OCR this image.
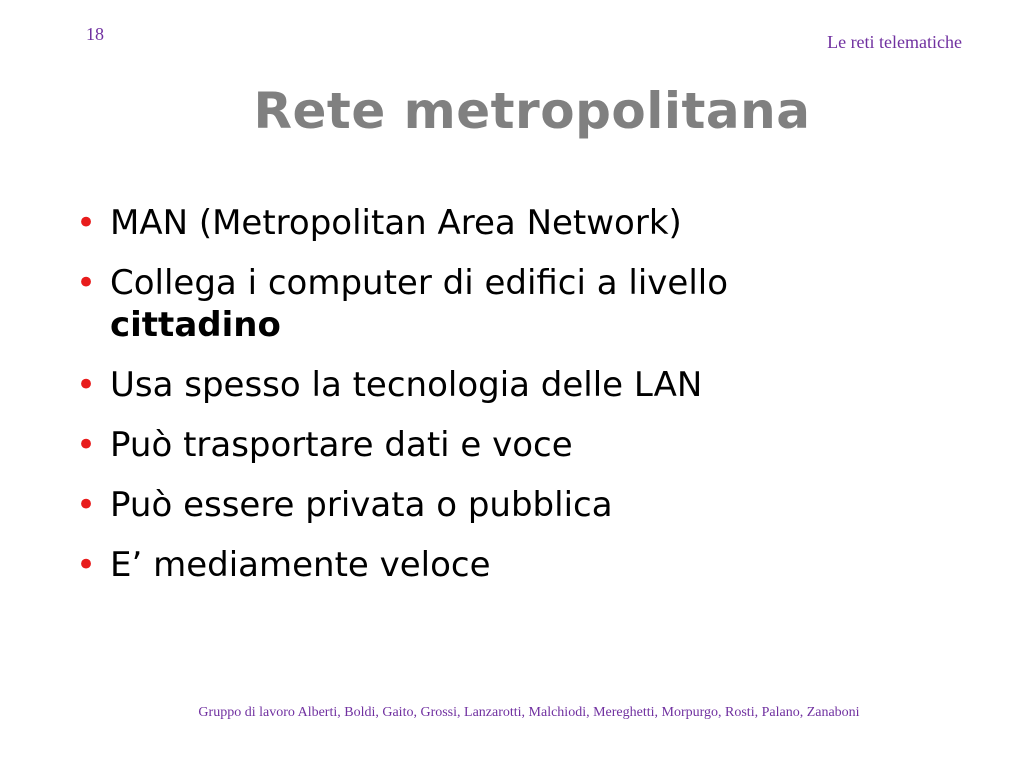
18	Le reti telematiche
Rete metropolitana
• MAN (Metropolitan Area Network)
• Collega i computer di edifici a livello
cittadino
• Usa spesso la tecnologia delle LAN
• Può trasportare dati e voce
• Può essere privata o pubblica
• E’ mediamente veloce
Gruppo di lavoro Alberti, Boldi, Gaito, Grossi, Lanzarotti, Malchiodi, Mereghetti, Morpurgo, Rosti, Palano, Zanaboni
